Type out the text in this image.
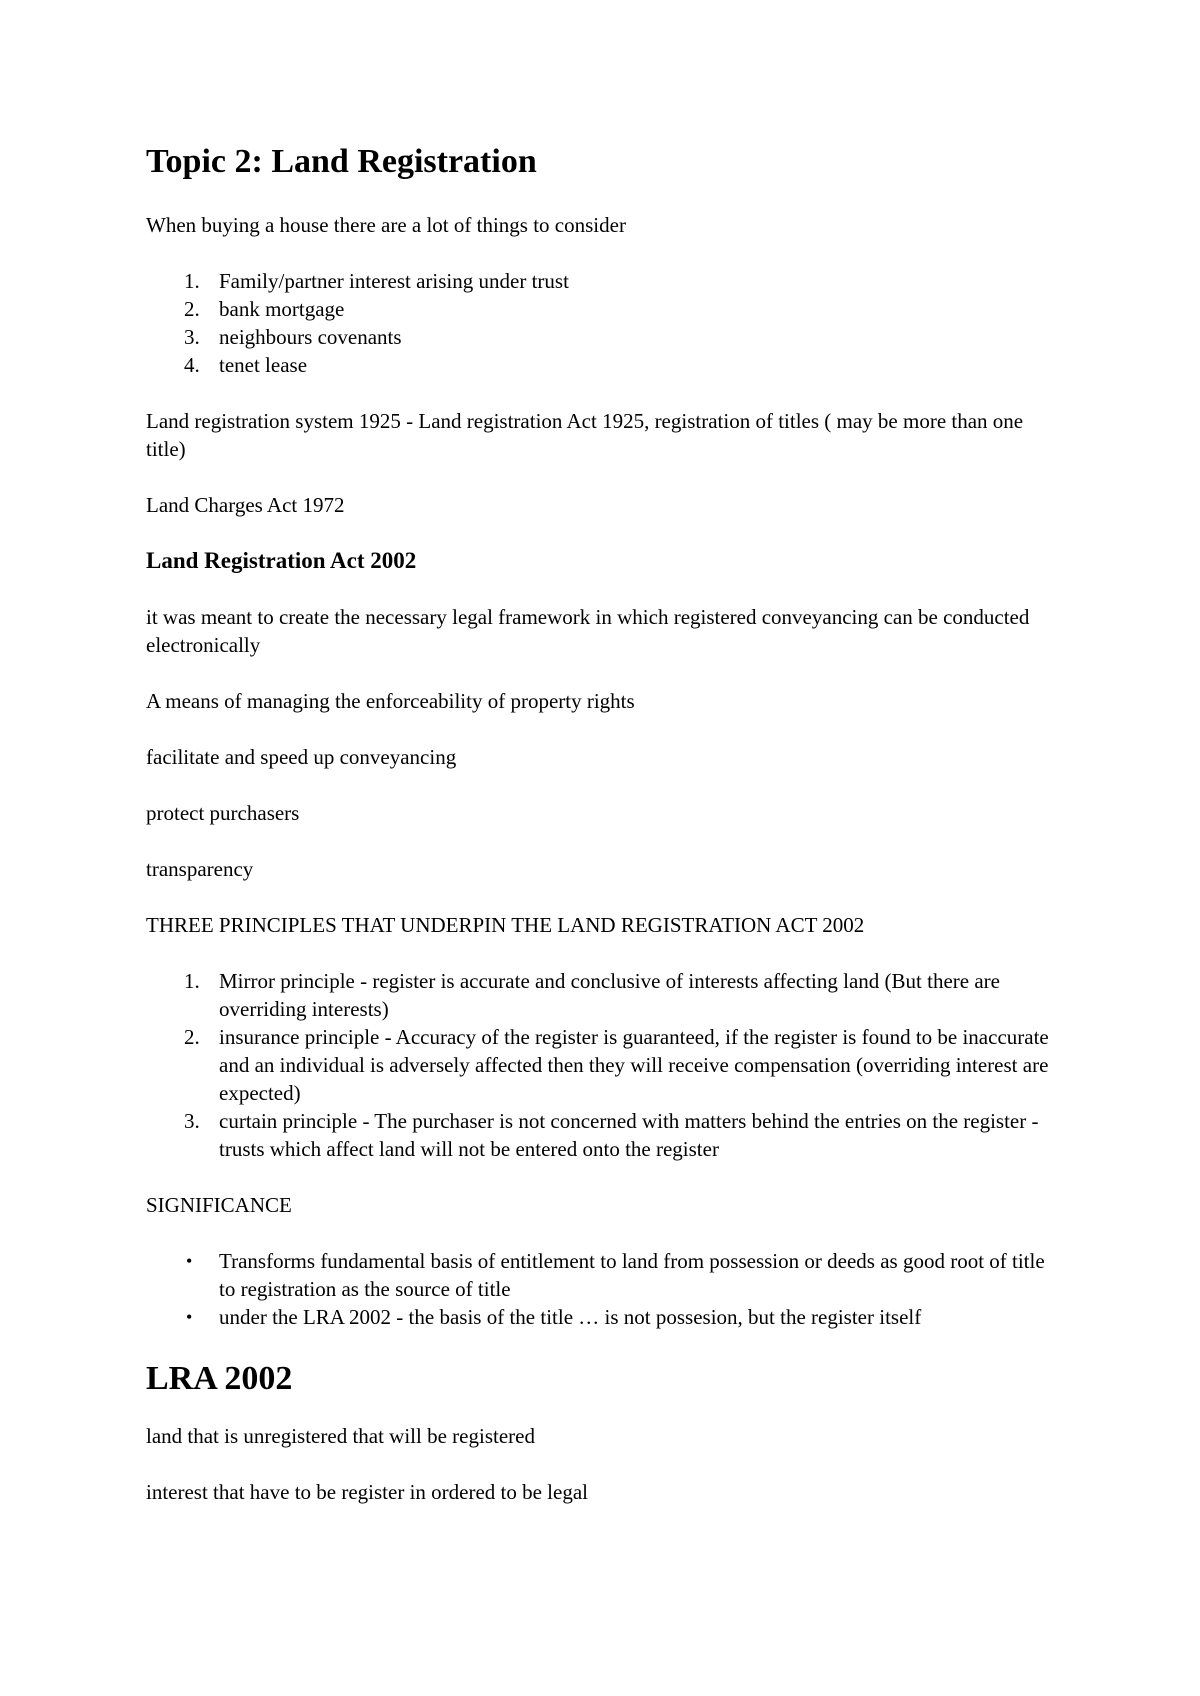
Topic 2: Land Registration

When buying a house there are a lot of things to consider

1. Family/partner interest arising under trust
2. bank mortgage
3. neighbours covenants
4. tenet lease

Land registration system 1925 - Land registration Act 1925, registration of titles ( may be more than one title)

Land Charges Act 1972

Land Registration Act 2002

it was meant to create the necessary legal framework in which registered conveyancing can be conducted electronically

A means of managing the enforceability of property rights

facilitate and speed up conveyancing

protect purchasers

transparency

THREE PRINCIPLES THAT UNDERPIN THE LAND REGISTRATION ACT 2002

1. Mirror principle - register is accurate and conclusive of interests affecting land (But there are overriding interests)
2. insurance principle - Accuracy of the register is guaranteed, if the register is found to be inaccurate and an individual is adversely affected then they will receive compensation (overriding interest are expected)
3. curtain principle - The purchaser is not concerned with matters behind the entries on the register - trusts which affect land will not be entered onto the register

SIGNIFICANCE

• Transforms fundamental basis of entitlement to land from possession or deeds as good root of title to registration as the source of title
• under the LRA 2002 - the basis of the title … is not possesion, but the register itself
LRA 2002

land that is unregistered that will be registered

interest that have to be register in ordered to be legal
